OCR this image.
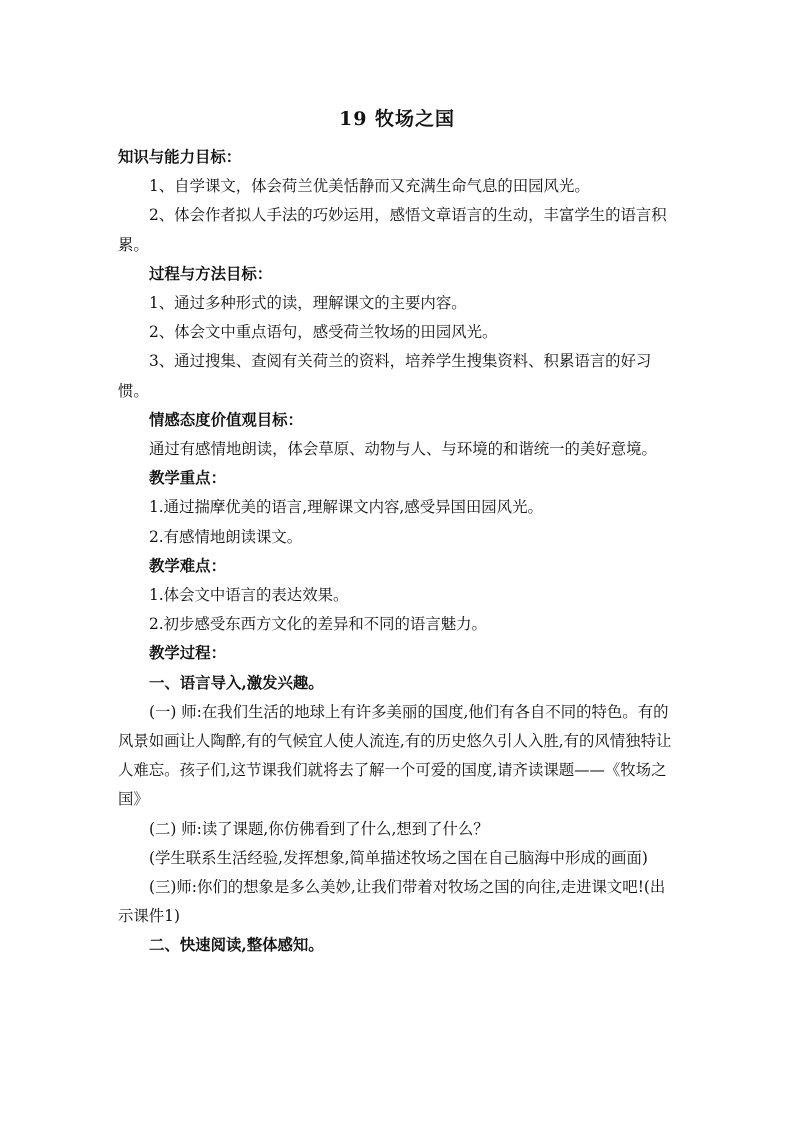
19 牧场之国

知识与能力目标：

1、自学课文，体会荷兰优美恬静而又充满生命气息的田园风光。

2、体会作者拟人手法的巧妙运用，感悟文章语言的生动，丰富学生的语言积累。

过程与方法目标：

1、通过多种形式的读，理解课文的主要内容。

2、体会文中重点语句，感受荷兰牧场的田园风光。

3、通过搜集、查阅有关荷兰的资料，培养学生搜集资料、积累语言的好习惯。

情感态度价值观目标：

通过有感情地朗读，体会草原、动物与人、与环境的和谐统一的美好意境。

教学重点：

1.通过揣摩优美的语言,理解课文内容,感受异国田园风光。

2.有感情地朗读课文。

教学难点：

1.体会文中语言的表达效果。

2.初步感受东西方文化的差异和不同的语言魅力。

教学过程：

一、语言导入,激发兴趣。

(一) 师:在我们生活的地球上有许多美丽的国度,他们有各自不同的特色。有的风景如画让人陶醉,有的气候宜人使人流连,有的历史悠久引人入胜,有的风情独特让人难忘。孩子们,这节课我们就将去了解一个可爱的国度,请齐读课题——《牧场之国》

(二) 师:读了课题,你仿佛看到了什么,想到了什么？

(学生联系生活经验,发挥想象,简单描述牧场之国在自己脑海中形成的画面)

(三)师:你们的想象是多么美妙,让我们带着对牧场之国的向往,走进课文吧!(出示课件1)

二、快速阅读,整体感知。
